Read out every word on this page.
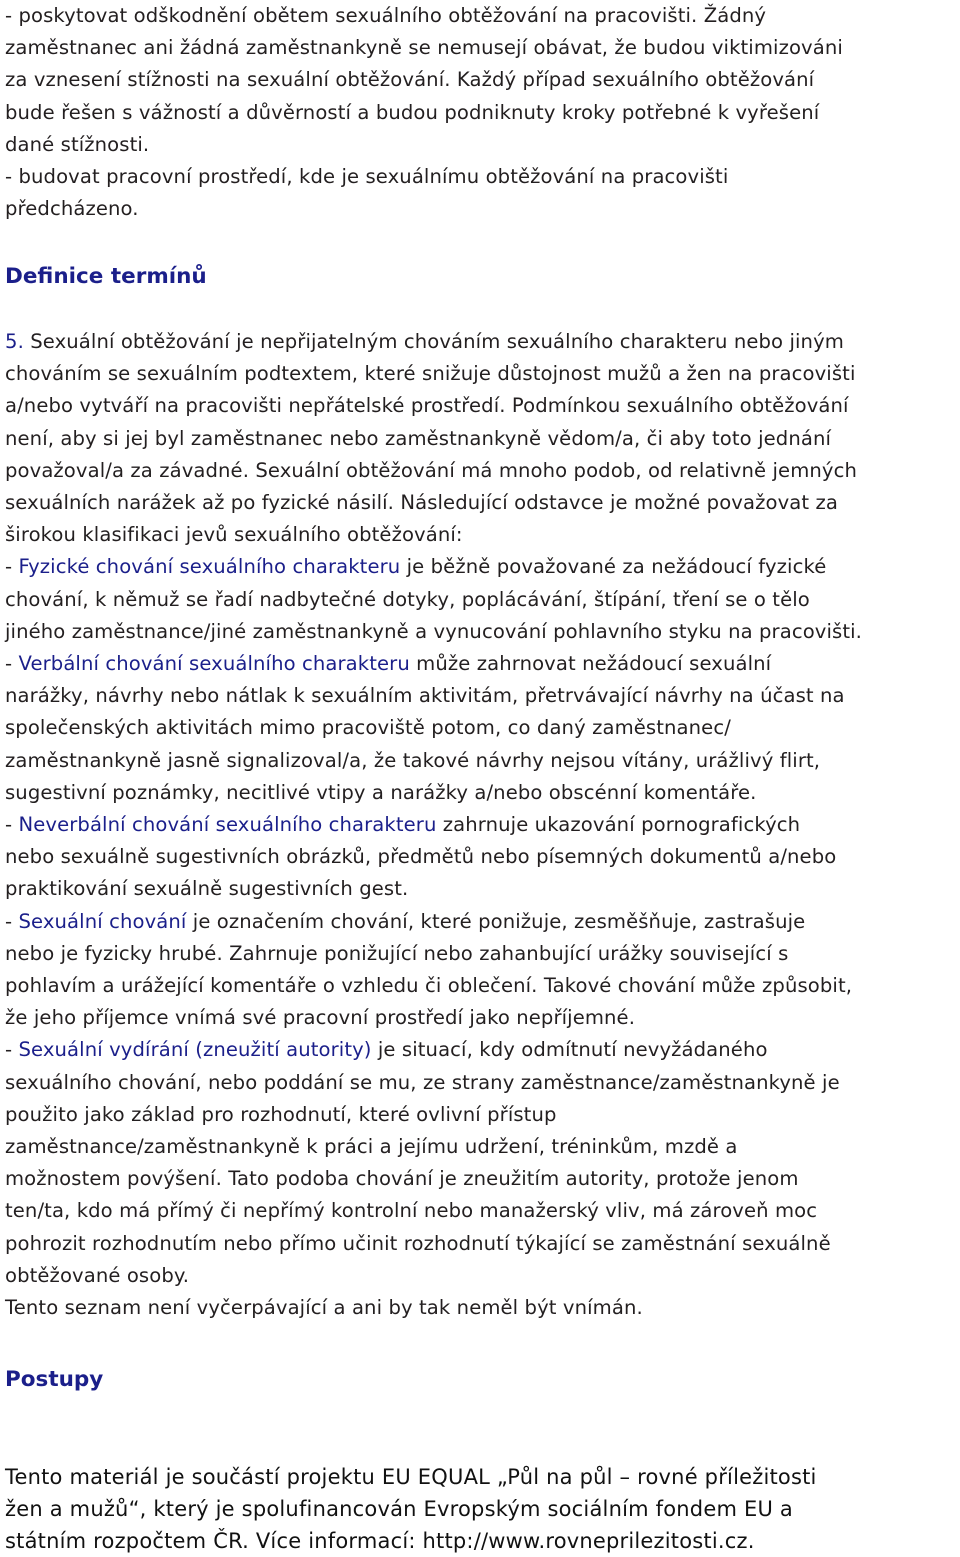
- poskytovat odškodnění obětem sexuálního obtěžování na pracovišti. Žádný
zaměstnanec ani žádná zaměstnankyně se nemusejí obávat, že budou viktimizováni
za vznesení stížnosti na sexuální obtěžování. Každý případ sexuálního obtěžování
bude řešen s vážností a důvěrností a budou podniknuty kroky potřebné k vyřešení
dané stížnosti.
- budovat pracovní prostředí, kde je sexuálnímu obtěžování na pracovišti
předcházeno.
Definice termínů
5. Sexuální obtěžování je nepřijatelným chováním sexuálního charakteru nebo jiným
chováním se sexuálním podtextem, které snižuje důstojnost mužů a žen na pracovišti
a/nebo vytváří na pracovišti nepřátelské prostředí. Podmínkou sexuálního obtěžování
není, aby si jej byl zaměstnanec nebo zaměstnankyně vědom/a, či aby toto jednání
považoval/a za závadné. Sexuální obtěžování má mnoho podob, od relativně jemných
sexuálních narážek až po fyzické násilí. Následující odstavce je možné považovat za
širokou klasifikaci jevů sexuálního obtěžování:
- Fyzické chování sexuálního charakteru je běžně považované za nežádoucí fyzické
chování, k němuž se řadí nadbytečné dotyky, poplácávání, štípání, tření se o tělo
jiného zaměstnance/jiné zaměstnankyně a vynucování pohlavního styku na pracovišti.
- Verbální chování sexuálního charakteru může zahrnovat nežádoucí sexuální
narážky, návrhy nebo nátlak k sexuálním aktivitám, přetrvávající návrhy na účast na
společenských aktivitách mimo pracoviště potom, co daný zaměstnanec/
zaměstnankyně jasně signalizoval/a, že takové návrhy nejsou vítány, urážlivý flirt,
sugestivní poznámky, necitlivé vtipy a narážky a/nebo obscénní komentáře.
- Neverbální chování sexuálního charakteru zahrnuje ukazování pornografických
nebo sexuálně sugestivních obrázků, předmětů nebo písemných dokumentů a/nebo
praktikování sexuálně sugestivních gest.
- Sexuální chování je označením chování, které ponižuje, zesměšňuje, zastrašuje
nebo je fyzicky hrubé. Zahrnuje ponižující nebo zahanbující urážky související s
pohlavím a urážející komentáře o vzhledu či oblečení. Takové chování může způsobit,
že jeho příjemce vnímá své pracovní prostředí jako nepříjemné.
- Sexuální vydírání (zneužití autority) je situací, kdy odmítnutí nevyžádaného
sexuálního chování, nebo poddání se mu, ze strany zaměstnance/zaměstnankyně je
použito jako základ pro rozhodnutí, které ovlivní přístup
zaměstnance/zaměstnankyně k práci a jejímu udržení, tréninkům, mzdě a
možnostem povýšení. Tato podoba chování je zneužitím autority, protože jenom
ten/ta, kdo má přímý či nepřímý kontrolní nebo manažerský vliv, má zároveň moc
pohrozit rozhodnutím nebo přímo učinit rozhodnutí týkající se zaměstnání sexuálně
obtěžované osoby.
Tento seznam není vyčerpávající a ani by tak neměl být vnímán.
Postupy
Tento materiál je součástí projektu EU EQUAL „Půl na půl – rovné příležitosti
žen a mužů“, který je spolufinancován Evropským sociálním fondem EU a
státním rozpočtem ČR. Více informací: http://www.rovneprilezitosti.cz.
